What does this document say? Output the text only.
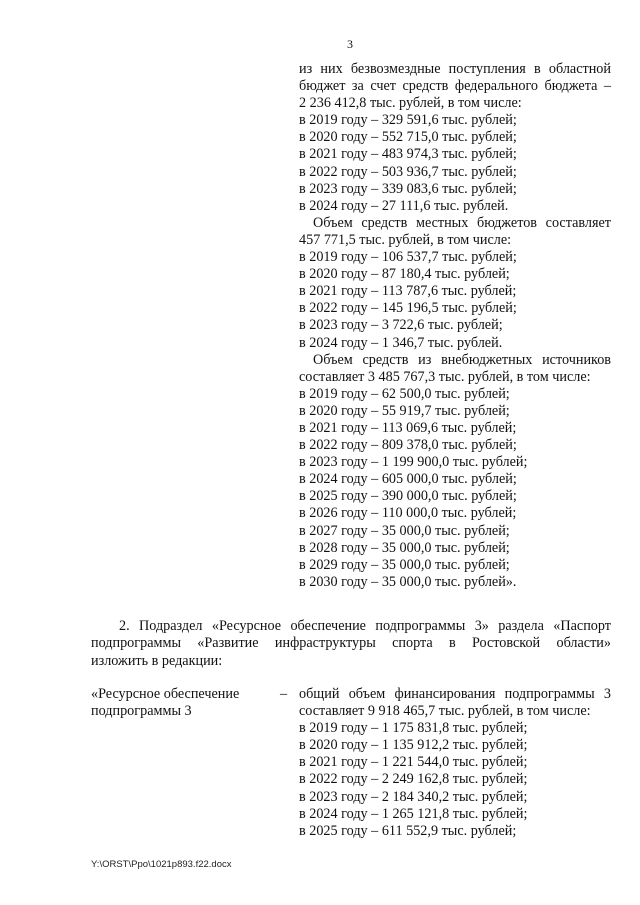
3

из них безвозмездные поступления в областной

бюджет за счет средств федерального бюджета –

2 236 412,8 тыс. рублей, в том числе:

в 2019 году – 329 591,6 тыс. рублей;

в 2020 году – 552 715,0 тыс. рублей;

в 2021 году – 483 974,3 тыс. рублей;

в 2022 году – 503 936,7 тыс. рублей;

в 2023 году – 339 083,6 тыс. рублей;

в 2024 году – 27 111,6 тыс. рублей.

Объем средств местных бюджетов составляет

457 771,5 тыс. рублей, в том числе:

в 2019 году – 106 537,7 тыс. рублей;

в 2020 году – 87 180,4 тыс. рублей;

в 2021 году – 113 787,6 тыс. рублей;

в 2022 году – 145 196,5 тыс. рублей;

в 2023 году – 3 722,6 тыс. рублей;

в 2024 году – 1 346,7 тыс. рублей.

Объем средств из внебюджетных источников

составляет 3 485 767,3 тыс. рублей, в том числе:

в 2019 году – 62 500,0 тыс. рублей;

в 2020 году – 55 919,7 тыс. рублей;

в 2021 году – 113 069,6 тыс. рублей;

в 2022 году – 809 378,0 тыс. рублей;

в 2023 году – 1 199 900,0 тыс. рублей;

в 2024 году – 605 000,0 тыс. рублей;

в 2025 году – 390 000,0 тыс. рублей;

в 2026 году – 110 000,0 тыс. рублей;

в 2027 году – 35 000,0 тыс. рублей;

в 2028 году – 35 000,0 тыс. рублей;

в 2029 году – 35 000,0 тыс. рублей;

в 2030 году – 35 000,0 тыс. рублей».

2. Подраздел «Ресурсное обеспечение подпрограммы 3» раздела «Паспорт

подпрограммы «Развитие инфраструктуры спорта в Ростовской области»

изложить в редакции:

«Ресурсное обеспечение

подпрограммы 3

– общий объем финансирования подпрограммы 3

составляет 9 918 465,7 тыс. рублей, в том числе:

в 2019 году – 1 175 831,8 тыс. рублей;

в 2020 году – 1 135 912,2 тыс. рублей;

в 2021 году – 1 221 544,0 тыс. рублей;

в 2022 году – 2 249 162,8 тыс. рублей;

в 2023 году – 2 184 340,2 тыс. рублей;

в 2024 году – 1 265 121,8 тыс. рублей;

в 2025 году – 611 552,9 тыс. рублей;

Y:\ORST\Ppo\1021p893.f22.docx
